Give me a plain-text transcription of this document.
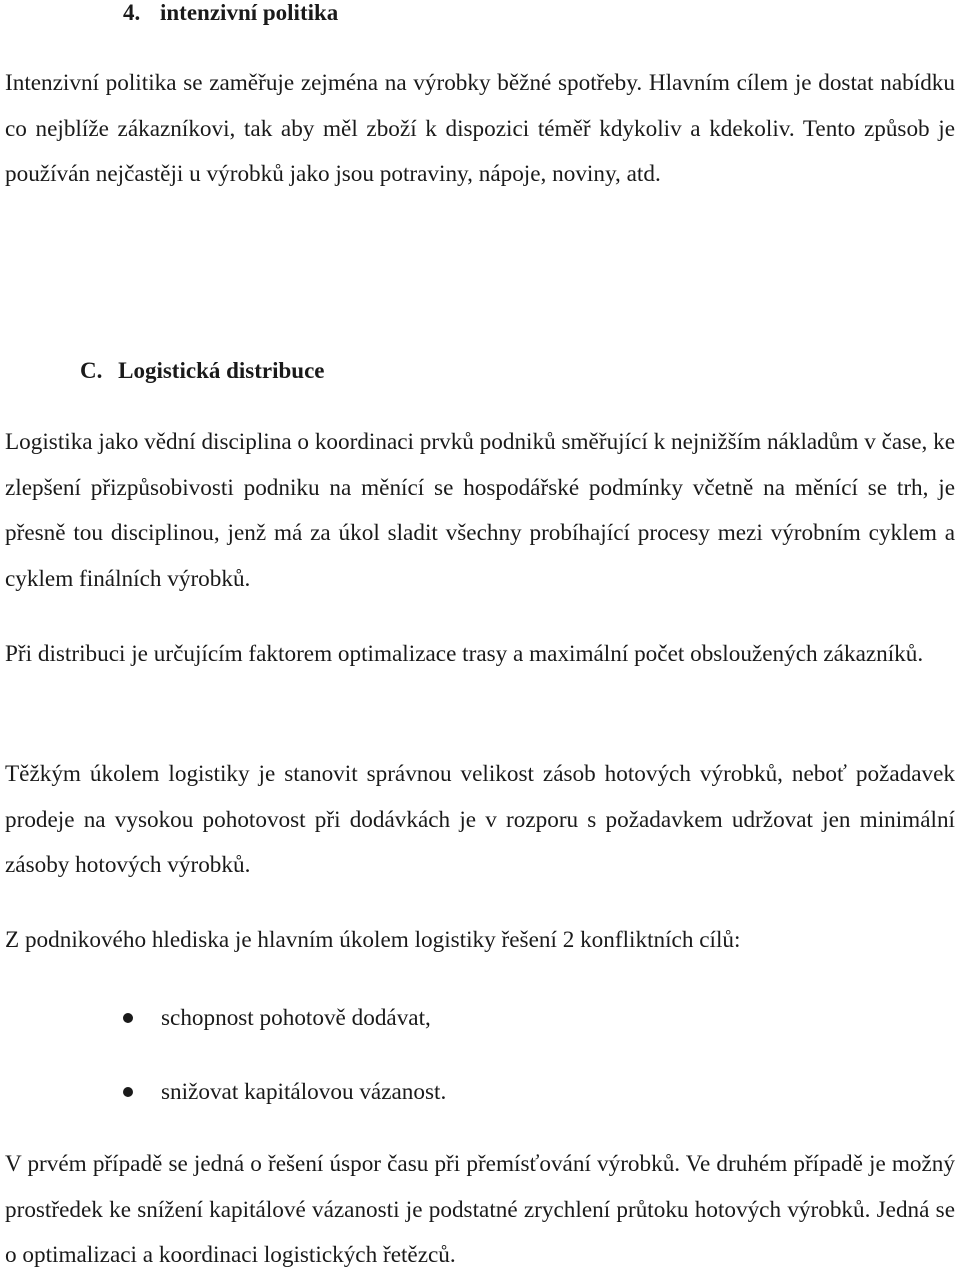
4. intenzivní politika

Intenzivní politika se zaměřuje zejména na výrobky běžné spotřeby. Hlavním cílem je dostat nabídku co nejblíže zákazníkovi, tak aby měl zboží k dispozici téměř kdykoliv a kdekoliv. Tento způsob je používán nejčastěji u výrobků jako jsou potraviny, nápoje, noviny, atd.

C. Logistická distribuce

Logistika jako vědní disciplina o koordinaci prvků podniků směřující k nejnižším nákladům v čase, ke zlepšení přizpůsobivosti podniku na měnící se hospodářské podmínky včetně na měnící se trh, je přesně tou disciplinou, jenž má za úkol sladit všechny probíhající procesy mezi výrobním cyklem a cyklem finálních výrobků.

Při distribuci je určujícím faktorem optimalizace trasy a maximální počet obsloužených zákazníků.

Těžkým úkolem logistiky je stanovit správnou velikost zásob hotových výrobků, neboť požadavek prodeje na vysokou pohotovost při dodávkách je v rozporu s požadavkem udržovat jen minimální zásoby hotových výrobků.

Z podnikového hlediska je hlavním úkolem logistiky řešení 2 konfliktních cílů:

schopnost pohotově dodávat,
snižovat kapitálovou vázanost.

V prvém případě se jedná o řešení úspor času při přemísťování výrobků. Ve druhém případě je možný prostředek ke snížení kapitálové vázanosti je podstatné zrychlení průtoku hotových výrobků. Jedná se o optimalizaci a koordinaci logistických řetězců.
